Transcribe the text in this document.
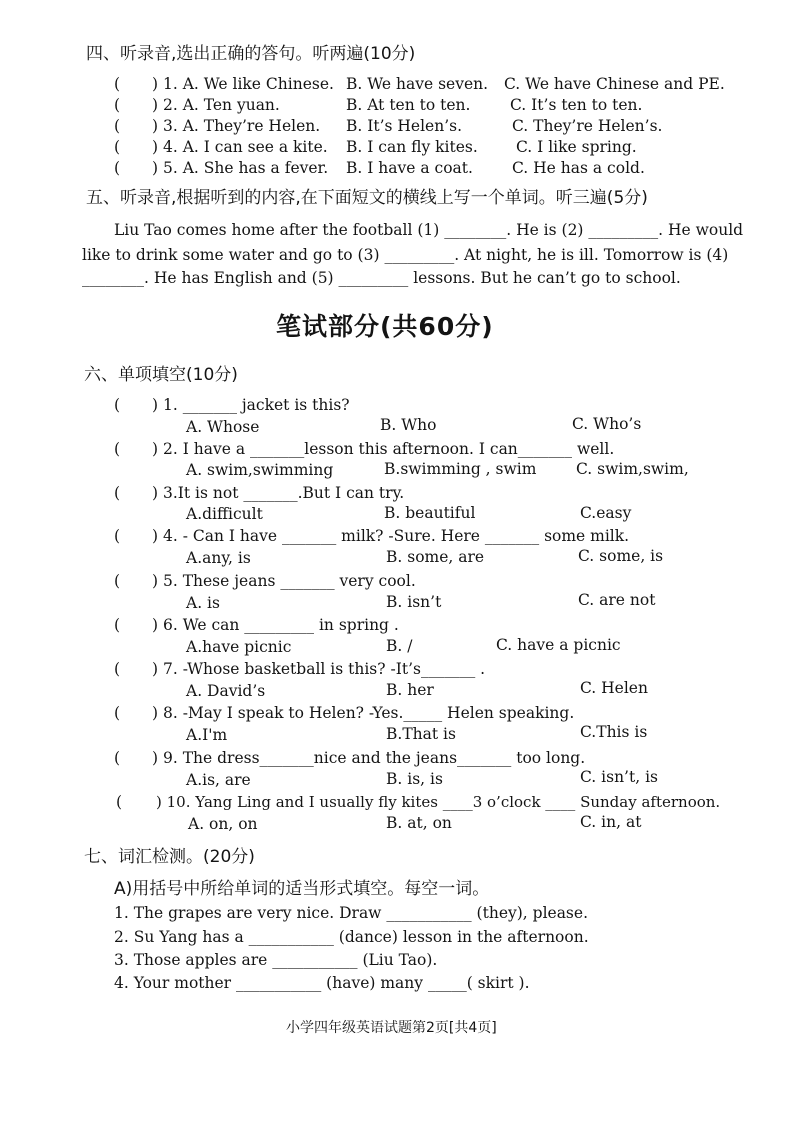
四、听录音,选出正确的答句。听两遍(10分)
( ) 1. A. We like Chinese. B. We have seven. C. We have Chinese and PE.
( ) 2. A. Ten yuan.	B. At ten to ten.	C. It’s ten to ten.
( ) 3. A. They’re Helen. B. It’s Helen’s.	C. They’re Helen’s.
( ) 4. A. I can see a kite. B. I can fly kites. C. I like spring.
( ) 5. A. She has a fever. B. I have a coat.	C. He has a cold.
五、听录音,根据听到的内容,在下面短文的横线上写一个单词。听三遍(5分)
Liu Tao comes home after the football (1) ________. He is (2) _________. He would
like to drink some water and go to (3) _________. At night, he is ill. Tomorrow is (4)
________. He has English and (5) _________ lessons. But he can’t go to school.
笔试部分(共60分)
六、单项填空(10分)
( ) 1. _______ jacket is this?
A. Whose	B. Who	C. Who’s
( ) 2. I have a _______lesson this afternoon. I can_______ well.
A. swim,swimming	B.swimming , swim	C. swim,swim,
( ) 3.It is not _______.But I can try.
A.difficult	B. beautiful	C.easy
( ) 4. - Can I have _______ milk? -Sure. Here _______ some milk.
A.any, is	B. some, are	C. some, is
( ) 5. These jeans _______ very cool.
A. is	B. isn’t	C. are not
( ) 6. We can _________ in spring .
A.have picnic	B. /	C. have a picnic
( ) 7. -Whose basketball is this? -It’s_______ .
A. David’s	B. her	C. Helen
( ) 8. -May I speak to Helen? -Yes._____ Helen speaking.
A.I'm	B.That is	C.This is
( ) 9. The dress_______nice and the jeans_______ too long.
A.is, are	B. is, is	C. isn’t, is
( ) 10. Yang Ling and I usually fly kites ____3 o’clock ____ Sunday afternoon.
A. on, on	B. at, on	C. in, at
七、词汇检测。(20分)
A)用括号中所给单词的适当形式填空。每空一词。
1. The grapes are very nice. Draw ___________ (they), please.
2. Su Yang has a ___________ (dance) lesson in the afternoon.
3. Those apples are ___________ (Liu Tao).
4. Your mother ___________ (have) many _____( skirt ).
小学四年级英语试题第2页[共4页]
